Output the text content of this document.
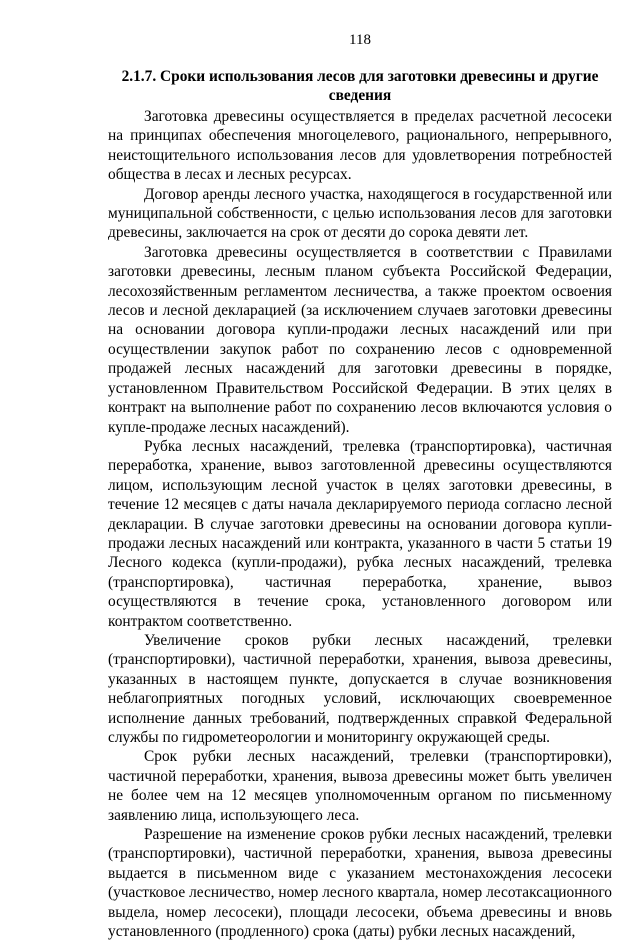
118
2.1.7. Сроки использования лесов для заготовки древесины и другие сведения

Заготовка древесины осуществляется в пределах расчетной лесосеки на принципах обеспечения многоцелевого, рационального, непрерывного, неистощительного использования лесов для удовлетворения потребностей общества в лесах и лесных ресурсах.

Договор аренды лесного участка, находящегося в государственной или муниципальной собственности, с целью использования лесов для заготовки древесины, заключается на срок от десяти до сорока девяти лет.

Заготовка древесины осуществляется в соответствии с Правилами заготовки древесины, лесным планом субъекта Российской Федерации, лесохозяйственным регламентом лесничества, а также проектом освоения лесов и лесной декларацией (за исключением случаев заготовки древесины на основании договора купли-продажи лесных насаждений или при осуществлении закупок работ по сохранению лесов с одновременной продажей лесных насаждений для заготовки древесины в порядке, установленном Правительством Российской Федерации. В этих целях в контракт на выполнение работ по сохранению лесов включаются условия о купле-продаже лесных насаждений).

Рубка лесных насаждений, трелевка (транспортировка), частичная переработка, хранение, вывоз заготовленной древесины осуществляются лицом, использующим лесной участок в целях заготовки древесины, в течение 12 месяцев с даты начала декларируемого периода согласно лесной декларации. В случае заготовки древесины на основании договора купли-продажи лесных насаждений или контракта, указанного в части 5 статьи 19 Лесного кодекса (купли-продажи), рубка лесных насаждений, трелевка (транспортировка), частичная переработка, хранение, вывоз осуществляются в течение срока, установленного договором или контрактом соответственно.

Увеличение сроков рубки лесных насаждений, трелевки (транспортировки), частичной переработки, хранения, вывоза древесины, указанных в настоящем пункте, допускается в случае возникновения неблагоприятных погодных условий, исключающих своевременное исполнение данных требований, подтвержденных справкой Федеральной службы по гидрометеорологии и мониторингу окружающей среды.

Срок рубки лесных насаждений, трелевки (транспортировки), частичной переработки, хранения, вывоза древесины может быть увеличен не более чем на 12 месяцев уполномоченным органом по письменному заявлению лица, использующего леса.

Разрешение на изменение сроков рубки лесных насаждений, трелевки (транспортировки), частичной переработки, хранения, вывоза древесины выдается в письменном виде с указанием местонахождения лесосеки (участковое лесничество, номер лесного квартала, номер лесотаксационного выдела, номер лесосеки), площади лесосеки, объема древесины и вновь установленного (продленного) срока (даты) рубки лесных насаждений,
